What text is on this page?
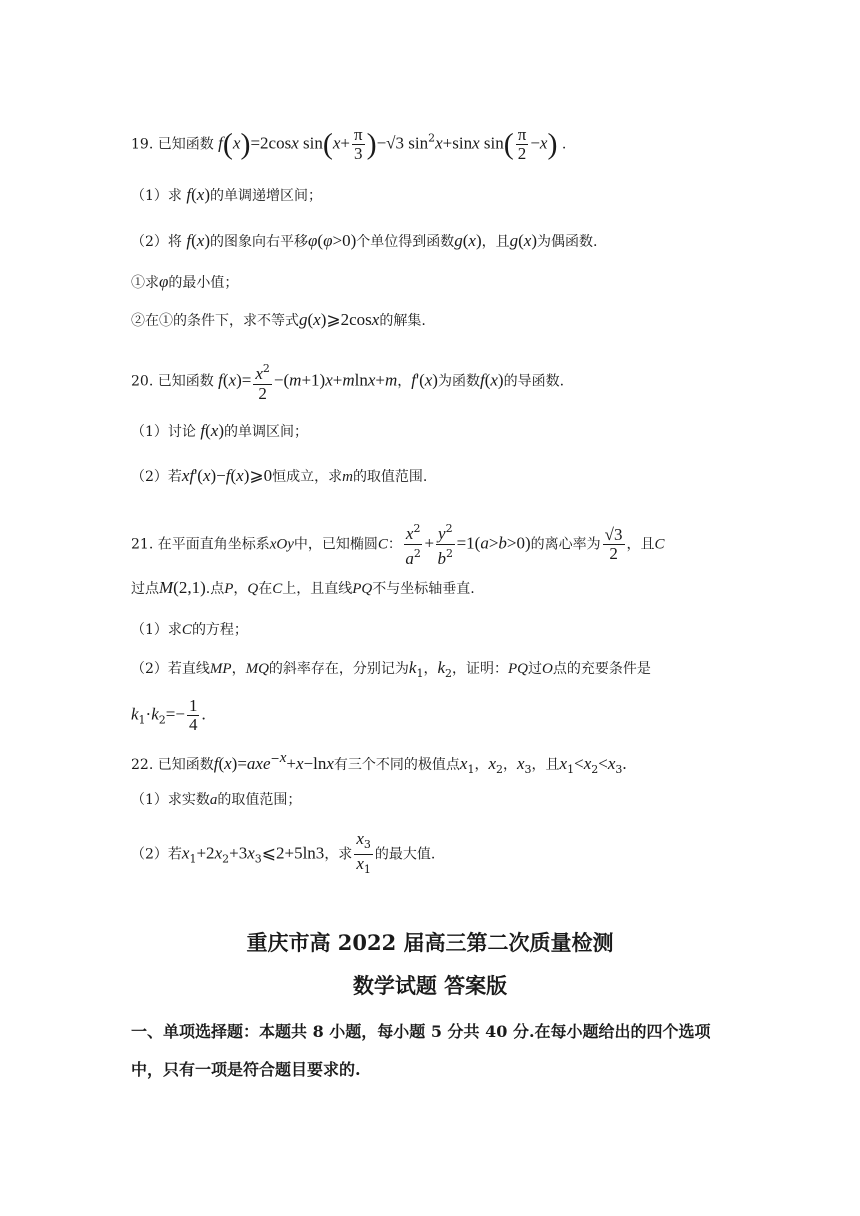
19. 已知函数 f(x)=2cosx $\sin(x+ \frac{\pi}{3} )-√3$ $\sin^2x+\sin x$ $\sin( \frac{\pi}{2} -x)$ .
（1）求 f(x)的单调递增区间；
（2）将 f(x)的图象向右平移φ(φ>0)个单位得到函数g(x)，且g(x)为偶函数.
①求φ的最小值；
②在①的条件下，求不等式g(x)⩾2cosx的解集.
20. 已知函数 $f(x)= \frac{x^2}{2} -(m+1)x+mlnx+m$，f'(x)为函数f(x)的导函数.
（1）讨论 f(x)的单调区间；
（2）若xf'(x)−f(x)⩾0恒成立，求m的取值范围.
21. 在平面直角坐标系xOy中，已知椭圆C： $\frac{x^2}{a^2} + \frac{y^2}{b^2} =1(a>b>0)$的离心率为 $\frac{√3}{2}$ ，且C
过点M(2,1).点P，Q在C上，且直线PQ不与坐标轴垂直.
（1）求C的方程；
（2）若直线MP，MQ的斜率存在，分别记为$k_1$，$k_2$，证明：PQ过O点的充要条件是
$k_1\cdot k_2=- \frac{1}{4}$ .
22. 已知函数f(x)=axe$^{-x}$+x−lnx有三个不同的极值点$x_1$，$x_2$，$x_3$，且$x_1<x_2<x_3$.
（1）求实数a的取值范围；
（2）若$x_1+2x_2+3x_3⩽2+5\ln 3$，求 $\frac{x_3}{x_1}$ 的最大值.
重庆市高 2022 届高三第二次质量检测
数学试题 答案版
一、单项选择题：本题共 8 小题，每小题 5 分共 40 分.在每小题给出的四个选项
中，只有一项是符合题目要求的.
